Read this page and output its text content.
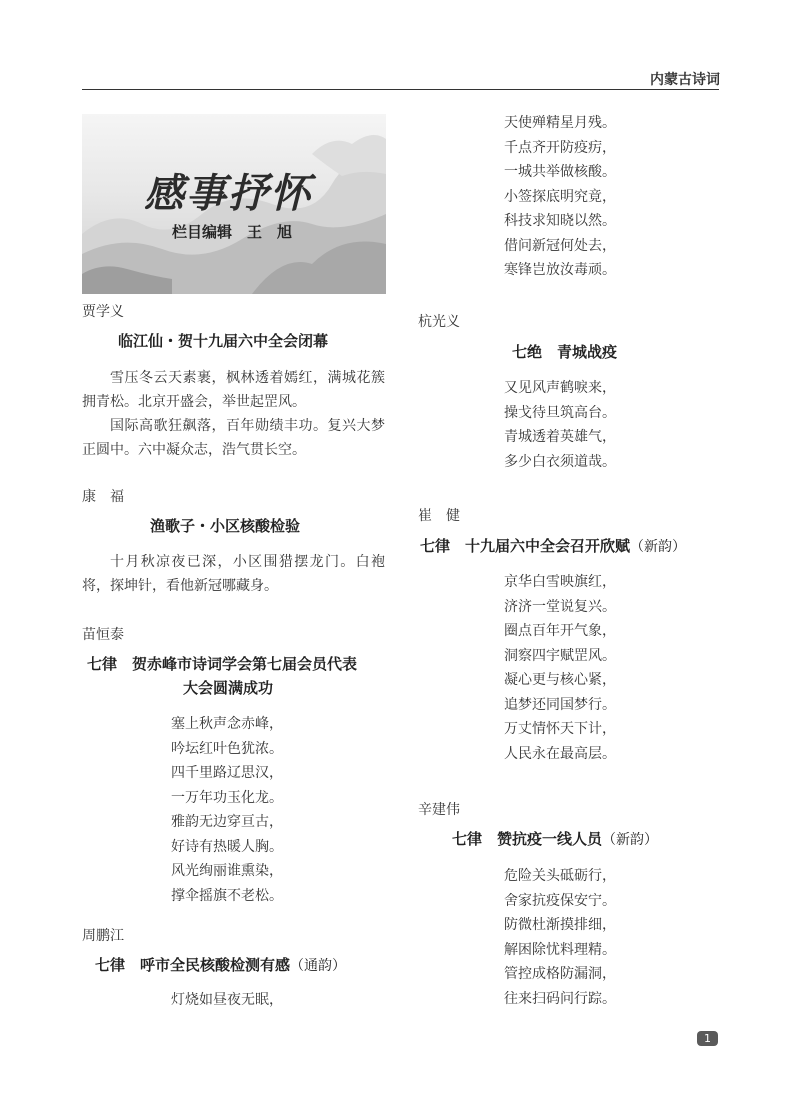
内蒙古诗词
感事抒怀
栏目编辑　王　旭
贾学义
临江仙・贺十九届六中全会闭幕

雪压冬云天素裹，枫林透着嫣红，满城花簇拥青松。北京开盛会，举世起罡风。

国际高歌狂飙落，百年勋绩丰功。复兴大梦正圆中。六中凝众志，浩气贯长空。

康　福
渔歌子・小区核酸检验

十月秋凉夜已深，小区围猎摆龙门。白袍将，探坤针，看他新冠哪藏身。

苗恒泰
七律　贺赤峰市诗词学会第七届会员代表
大会圆满成功
塞上秋声念赤峰，
吟坛红叶色犹浓。
四千里路辽思汉，
一万年功玉化龙。
雅韵无边穿亘古，
好诗有热暖人胸。
风光绚丽谁熏染，
撑伞摇旗不老松。
周鹏江
七律　呼市全民核酸检测有感（通韵）
灯烧如昼夜无眠，
天使殚精星月残。
千点齐开防疫疠，
一城共举做核酸。
小签探底明究竟，
科技求知晓以然。
借问新冠何处去，
寒锋岂放汝毒顽。
杭光义
七绝　青城战疫
又见风声鹤唳来，
操戈待旦筑高台。
青城透着英雄气，
多少白衣须道哉。
崔　健
七律　十九届六中全会召开欣赋（新韵）
京华白雪映旗红，
济济一堂说复兴。
圈点百年开气象，
洞察四宇赋罡风。
凝心更与核心紧，
追梦还同国梦行。
万丈情怀天下计，
人民永在最高层。
辛建伟
七律　赞抗疫一线人员（新韵）
危险关头砥砺行，
舍家抗疫保安宁。
防微杜渐摸排细，
解困除忧料理精。
管控成格防漏洞，
往来扫码问行踪。
1
